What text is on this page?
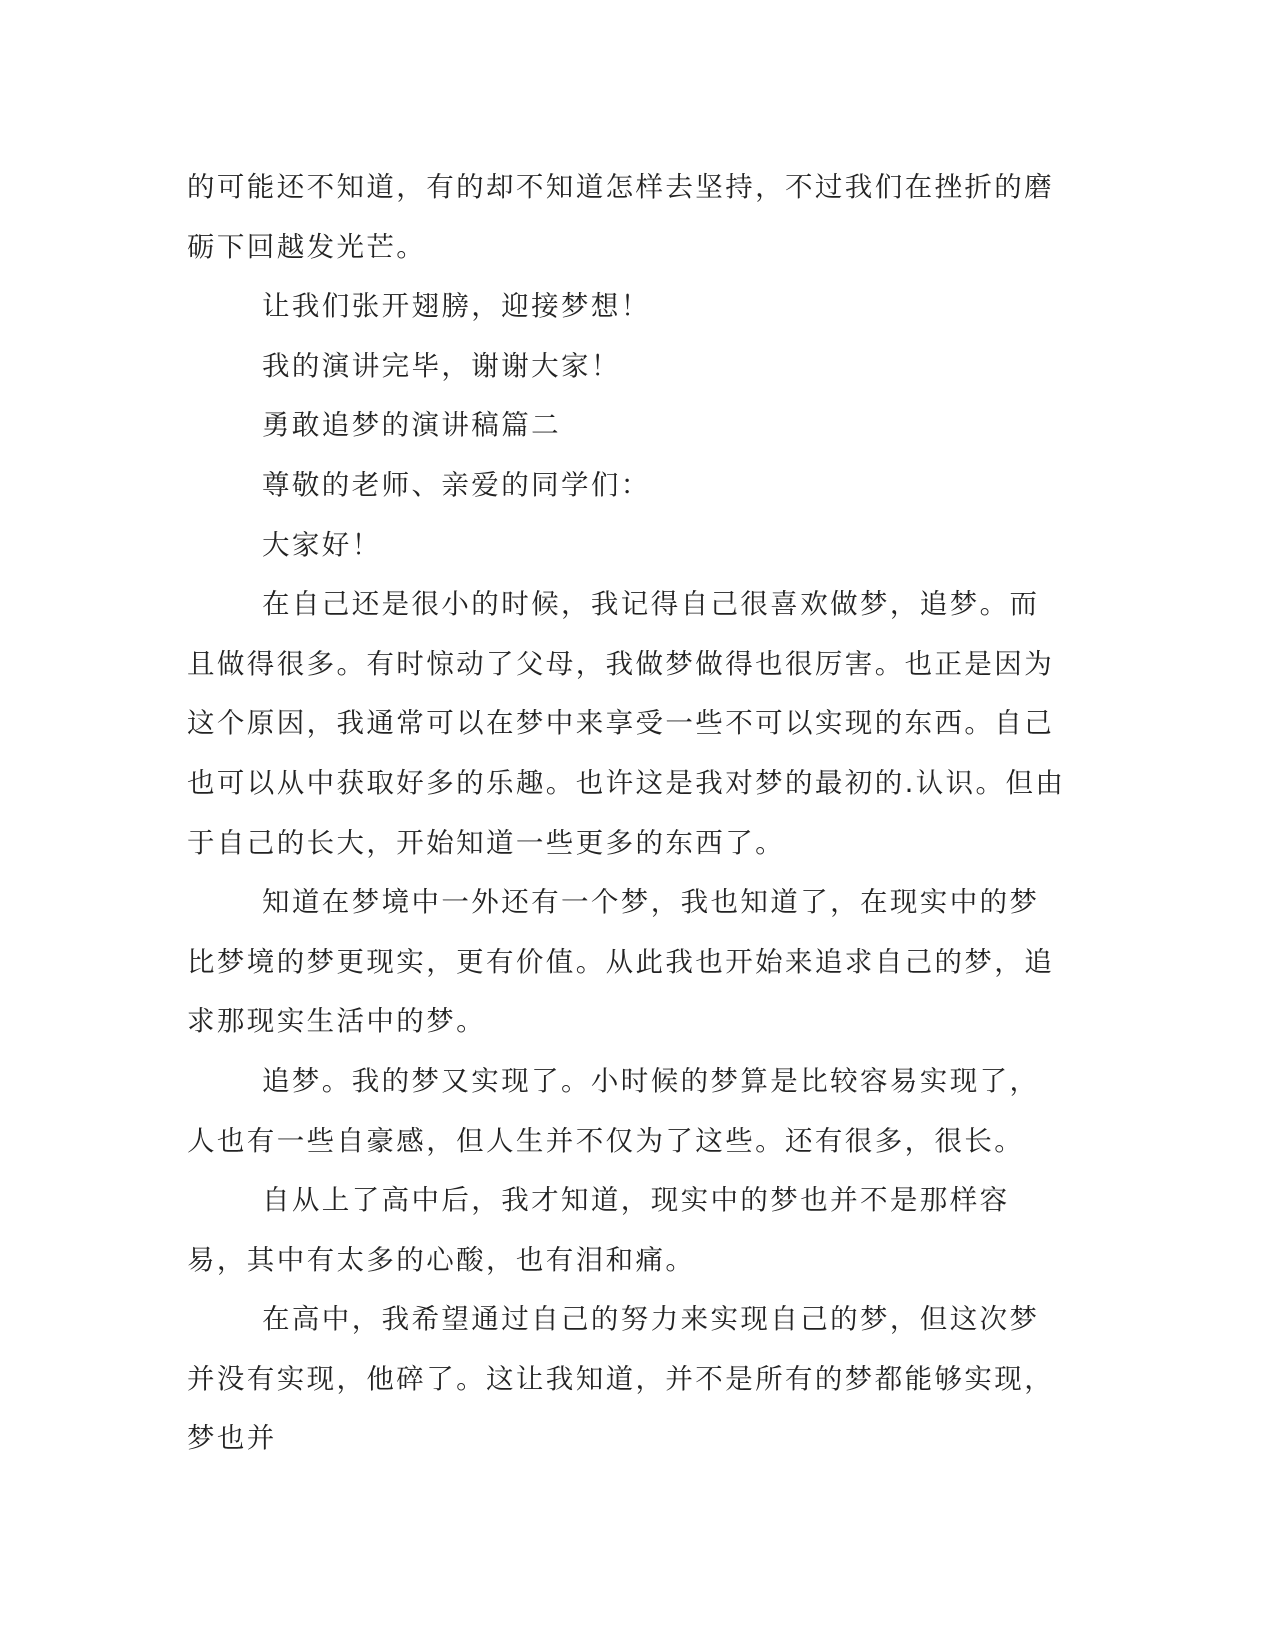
的可能还不知道，有的却不知道怎样去坚持，不过我们在挫折的磨砺下回越发光芒。

让我们张开翅膀，迎接梦想！

我的演讲完毕，谢谢大家！

勇敢追梦的演讲稿篇二

尊敬的老师、亲爱的同学们：

大家好！

在自己还是很小的时候，我记得自己很喜欢做梦，追梦。而且做得很多。有时惊动了父母，我做梦做得也很厉害。也正是因为这个原因，我通常可以在梦中来享受一些不可以实现的东西。自己也可以从中获取好多的乐趣。也许这是我对梦的最初的.认识。但由于自己的长大，开始知道一些更多的东西了。

知道在梦境中一外还有一个梦，我也知道了，在现实中的梦比梦境的梦更现实，更有价值。从此我也开始来追求自己的梦，追求那现实生活中的梦。

追梦。我的梦又实现了。小时候的梦算是比较容易实现了，人也有一些自豪感，但人生并不仅为了这些。还有很多，很长。

自从上了高中后，我才知道，现实中的梦也并不是那样容易，其中有太多的心酸，也有泪和痛。

在高中，我希望通过自己的努力来实现自己的梦，但这次梦并没有实现，他碎了。这让我知道，并不是所有的梦都能够实现，梦也并
